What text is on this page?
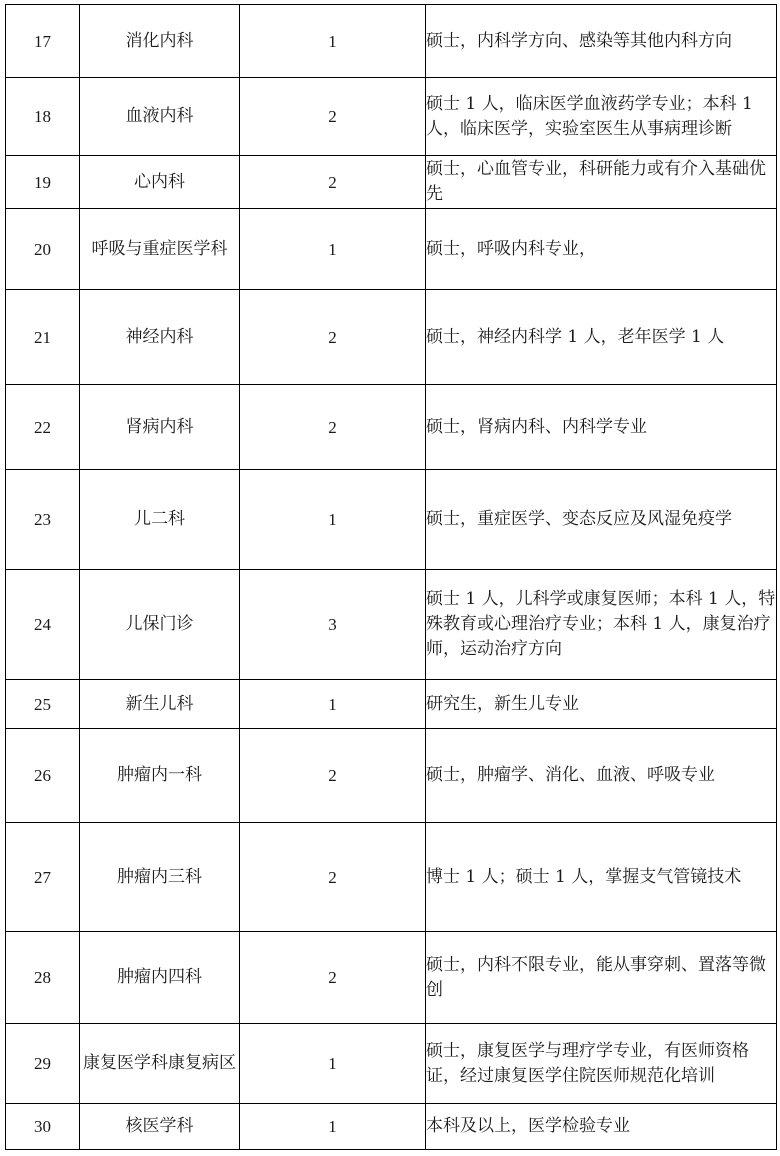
17	消化内科	1	硕士，内科学方向、感染等其他内科方向
18	血液内科	2	硕士 1 人，临床医学血液药学专业；本科 1 人，临床医学，实验室医生从事病理诊断
19	心内科	2	硕士，心血管专业，科研能力或有介入基础优先
20	呼吸与重症医学科	1	硕士，呼吸内科专业，
21	神经内科	2	硕士，神经内科学 1 人，老年医学 1 人
22	肾病内科	2	硕士，肾病内科、内科学专业
23	儿二科	1	硕士，重症医学、变态反应及风湿免疫学
24	儿保门诊	3	硕士 1 人，儿科学或康复医师；本科 1 人，特殊教育或心理治疗专业；本科 1 人，康复治疗师，运动治疗方向
25	新生儿科	1	研究生，新生儿专业
26	肿瘤内一科	2	硕士，肿瘤学、消化、血液、呼吸专业
27	肿瘤内三科	2	博士 1 人；硕士 1 人，掌握支气管镜技术
28	肿瘤内四科	2	硕士，内科不限专业，能从事穿刺、置落等微创
29	康复医学科康复病区	1	硕士，康复医学与理疗学专业，有医师资格证，经过康复医学住院医师规范化培训
30	核医学科	1	本科及以上，医学检验专业
